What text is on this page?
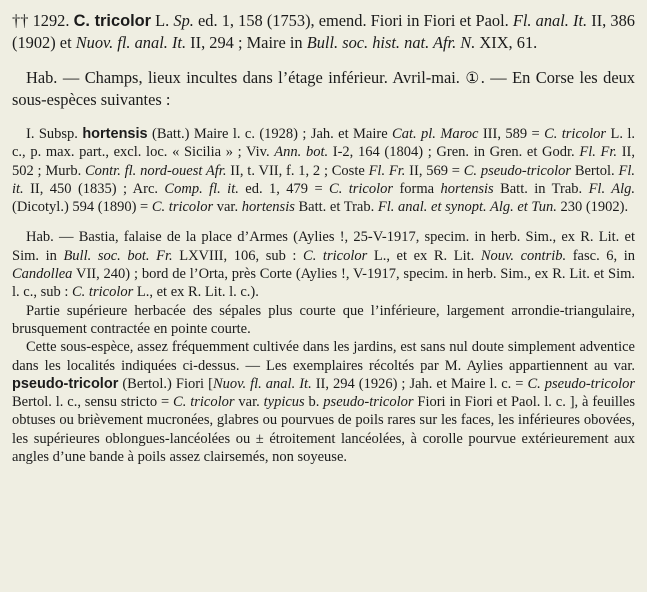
†† 1292. C. tricolor L. Sp. ed. 1, 158 (1753), emend. Fiori in Fiori et Paol. Fl. anal. It. II, 386 (1902) et Nuov. fl. anal. It. II, 294 ; Maire in Bull. soc. hist. nat. Afr. N. XIX, 61.

Hab. — Champs, lieux incultes dans l’étage inférieur. Avril-mai. ①. — En Corse les deux sous-espèces suivantes :

I. Subsp. hortensis (Batt.) Maire l. c. (1928) ; Jah. et Maire Cat. pl. Maroc III, 589 = C. tricolor L. l. c., p. max. part., excl. loc. « Sicilia » ; Viv. Ann. bot. I-2, 164 (1804) ; Gren. in Gren. et Godr. Fl. Fr. II, 502 ; Murb. Contr. fl. nord-ouest Afr. II, t. VII, f. 1, 2 ; Coste Fl. Fr. II, 569 = C. pseudo-tricolor Bertol. Fl. it. II, 450 (1835) ; Arc. Comp. fl. it. ed. 1, 479 = C. tricolor forma hortensis Batt. in Trab. Fl. Alg. (Dicotyl.) 594 (1890) = C. tricolor var. hortensis Batt. et Trab. Fl. anal. et synopt. Alg. et Tun. 230 (1902).

Hab. — Bastia, falaise de la place d’Armes (Aylies !, 25-V-1917, specim. in herb. Sim., ex R. Lit. et Sim. in Bull. soc. bot. Fr. LXVIII, 106, sub : C. tricolor L., et ex R. Lit. Nouv. contrib. fasc. 6, in Candollea VII, 240) ; bord de l’Orta, près Corte (Aylies !, V-1917, specim. in herb. Sim., ex R. Lit. et Sim. l. c., sub : C. tricolor L., et ex R. Lit. l. c.).

Partie supérieure herbacée des sépales plus courte que l’inférieure, largement arrondie-triangulaire, brusquement contractée en pointe courte.

Cette sous-espèce, assez fréquemment cultivée dans les jardins, est sans nul doute simplement adventice dans les localités indiquées ci-dessus. — Les exemplaires récoltés par M. Aylies appartiennent au var. pseudo-tricolor (Bertol.) Fiori [Nuov. fl. anal. It. II, 294 (1926) ; Jah. et Maire l. c. = C. pseudo-tricolor Bertol. l. c., sensu stricto = C. tricolor var. typicus b. pseudo-tricolor Fiori in Fiori et Paol. l. c. ], à feuilles obtuses ou brièvement mucronées, glabres ou pourvues de poils rares sur les faces, les inférieures obovées, les supérieures oblongues-lancéolées ou ± étroitement lancéolées, à corolle pourvue extérieurement aux angles d’une bande à poils assez clairsemés, non soyeuse.
